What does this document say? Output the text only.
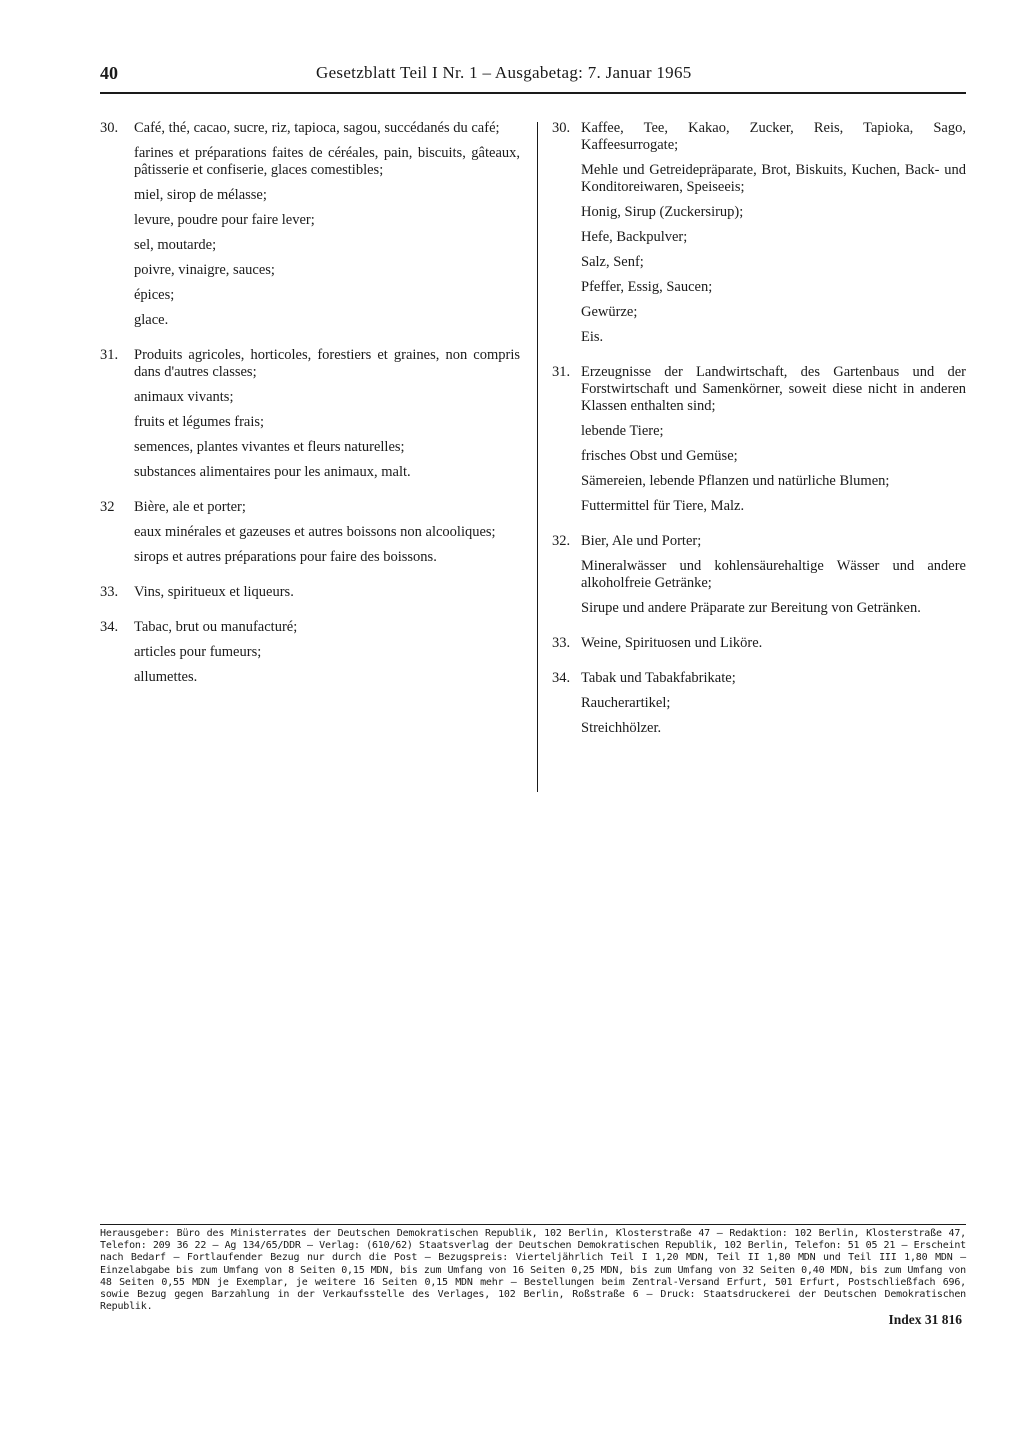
40	Gesetzblatt Teil I Nr. 1 – Ausgabetag: 7. Januar 1965
30. Café, thé, cacao, sucre, riz, tapioca, sagou, succédanés du café;
farines et préparations faites de céréales, pain, biscuits, gâteaux, pâtisserie et confiserie, glaces comestibles;
miel, sirop de mélasse;
levure, poudre pour faire lever;
sel, moutarde;
poivre, vinaigre, sauces;
épices;
glace.
31. Produits agricoles, horticoles, forestiers et graines, non compris dans d'autres classes;
animaux vivants;
fruits et légumes frais;
semences, plantes vivantes et fleurs naturelles;
substances alimentaires pour les animaux, malt.
32 Bière, ale et porter;
eaux minérales et gazeuses et autres boissons non alcooliques;
sirops et autres préparations pour faire des boissons.
33. Vins, spiritueux et liqueurs.
34. Tabac, brut ou manufacturé;
articles pour fumeurs;
allumettes.
30. Kaffee, Tee, Kakao, Zucker, Reis, Tapioka, Sago, Kaffeesurrogate;
Mehle und Getreidepräparate, Brot, Biskuits, Kuchen, Back- und Konditoreiwaren, Speiseeis;
Honig, Sirup (Zuckersirup);
Hefe, Backpulver;
Salz, Senf;
Pfeffer, Essig, Saucen;
Gewürze;
Eis.
31. Erzeugnisse der Landwirtschaft, des Gartenbaus und der Forstwirtschaft und Samenkörner, soweit diese nicht in anderen Klassen enthalten sind;
lebende Tiere;
frisches Obst und Gemüse;
Sämereien, lebende Pflanzen und natürliche Blumen;
Futtermittel für Tiere, Malz.
32. Bier, Ale und Porter;
Mineralwässer und kohlensäurehaltige Wässer und andere alkoholfreie Getränke;
Sirupe und andere Präparate zur Bereitung von Getränken.
33. Weine, Spirituosen und Liköre.
34. Tabak und Tabakfabrikate;
Raucherartikel;
Streichhölzer.
Herausgeber: Büro des Ministerrates der Deutschen Demokratischen Republik, 102 Berlin, Klosterstraße 47 – Redaktion: 102 Berlin, Klosterstraße 47, Telefon: 209 36 22 – Ag 134/65/DDR – Verlag: (610/62) Staatsverlag der Deutschen Demokratischen Republik, 102 Berlin, Telefon: 51 05 21 – Erscheint nach Bedarf – Fortlaufender Bezug nur durch die Post – Bezugspreis: Vierteljährlich Teil I 1,20 MDN, Teil II 1,80 MDN und Teil III 1,80 MDN – Einzelabgabe bis zum Umfang von 8 Seiten 0,15 MDN, bis zum Umfang von 16 Seiten 0,25 MDN, bis zum Umfang von 32 Seiten 0,40 MDN, bis zum Umfang von 48 Seiten 0,55 MDN je Exemplar, je weitere 16 Seiten 0,15 MDN mehr – Bestellungen beim Zentral-Versand Erfurt, 501 Erfurt, Postschließfach 696, sowie Bezug gegen Barzahlung in der Verkaufsstelle des Verlages, 102 Berlin, Roßstraße 6 – Druck: Staatsdruckerei der Deutschen Demokratischen Republik.
Index 31 816
